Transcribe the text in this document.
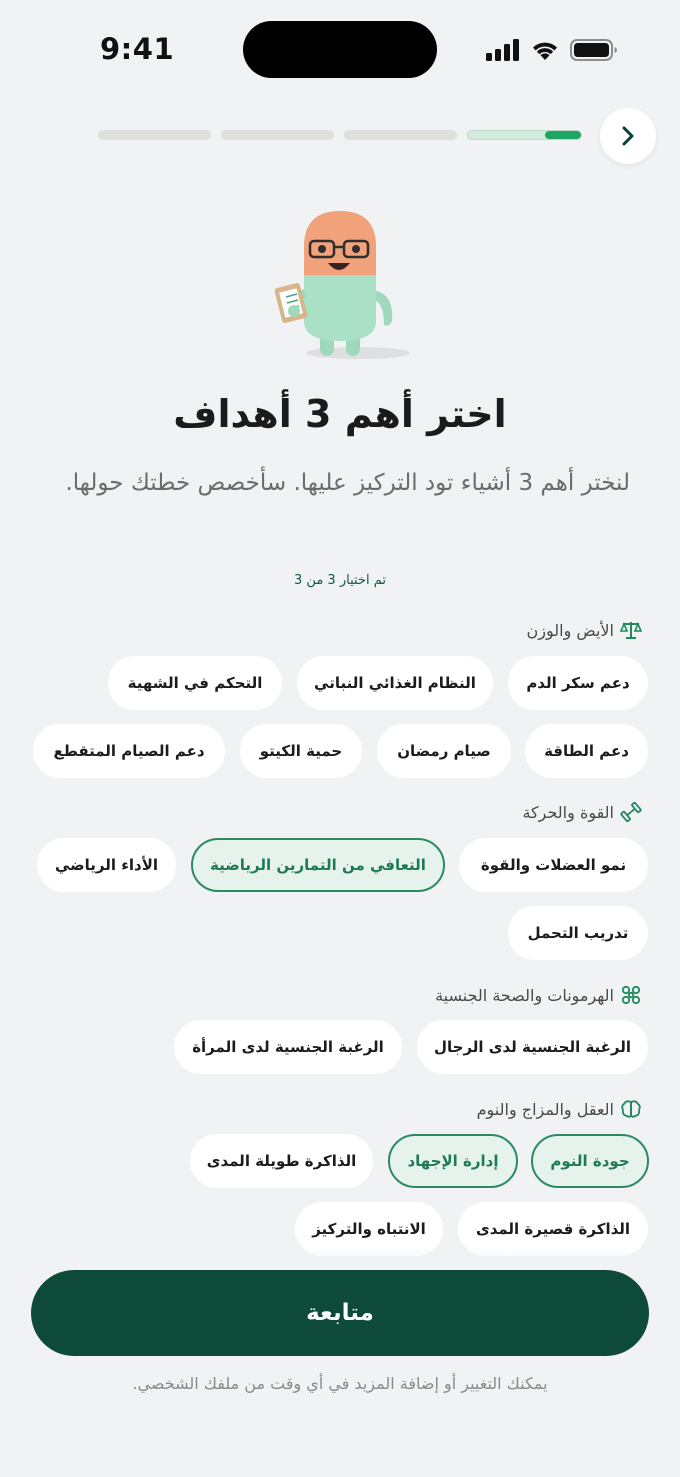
9:41
اختر أهم 3 أهداف
لنختر أهم 3 أشياء تود التركيز عليها. سأخصص خطتك حولها.
تم اختيار 3 من 3
الأيض والوزن
دعم سكر الدم
النظام الغذائي النباتي
التحكم في الشهية
دعم الطاقة
صيام رمضان
حمية الكيتو
دعم الصيام المتقطع
القوة والحركة
نمو العضلات والقوة
التعافي من التمارين الرياضية
الأداء الرياضي
تدريب التحمل
الهرمونات والصحة الجنسية
الرغبة الجنسية لدى الرجال
الرغبة الجنسية لدى المرأة
العقل والمزاج والنوم
جودة النوم
إدارة الإجهاد
الذاكرة طويلة المدى
الذاكرة قصيرة المدى
الانتباه والتركيز
متابعة
يمكنك التغيير أو إضافة المزيد في أي وقت من ملفك الشخصي.
